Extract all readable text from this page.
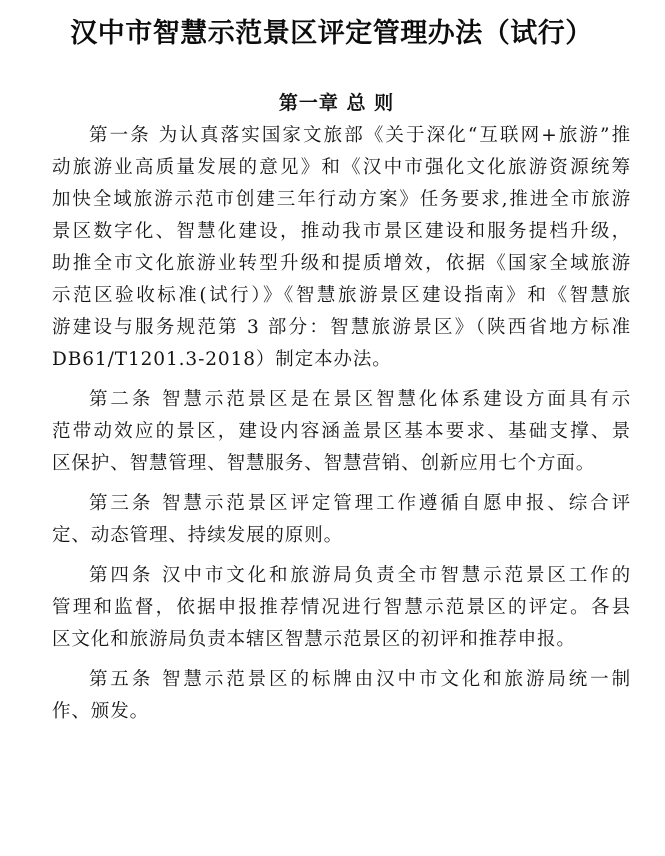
汉中市智慧示范景区评定管理办法（试行）
第一章 总 则
第一条 为认真落实国家文旅部《关于深化“互联网+旅游”推
动旅游业高质量发展的意见》和《汉中市强化文化旅游资源统筹
加快全域旅游示范市创建三年行动方案》任务要求,推进全市旅游
景区数字化、智慧化建设，推动我市景区建设和服务提档升级，
助推全市文化旅游业转型升级和提质增效，依据《国家全域旅游
示范区验收标准(试行）》《智慧旅游景区建设指南》和《智慧旅
游建设与服务规范第 3 部分：智慧旅游景区》（陕西省地方标准
DB61/T1201.3-2018）制定本办法。
第二条 智慧示范景区是在景区智慧化体系建设方面具有示
范带动效应的景区，建设内容涵盖景区基本要求、基础支撑、景
区保护、智慧管理、智慧服务、智慧营销、创新应用七个方面。
第三条 智慧示范景区评定管理工作遵循自愿申报、综合评
定、动态管理、持续发展的原则。
第四条 汉中市文化和旅游局负责全市智慧示范景区工作的
管理和监督，依据申报推荐情况进行智慧示范景区的评定。各县
区文化和旅游局负责本辖区智慧示范景区的初评和推荐申报。
第五条 智慧示范景区的标牌由汉中市文化和旅游局统一制
作、颁发。
